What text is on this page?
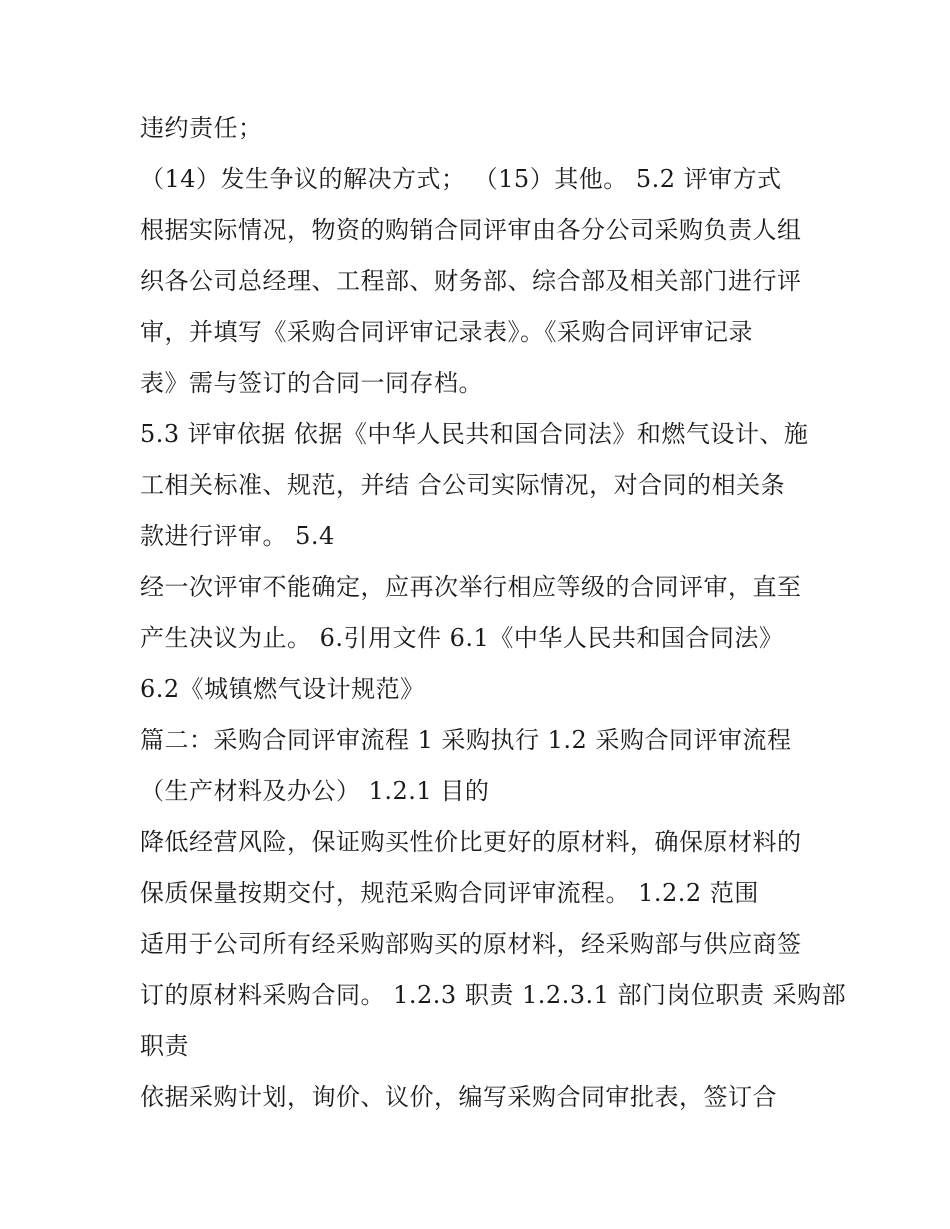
违约责任；
（14）发生争议的解决方式； （15）其他。 5.2 评审方式
根据实际情况，物资的购销合同评审由各分公司采购负责人组
织各公司总经理、工程部、财务部、综合部及相关部门进行评
审，并填写《采购合同评审记录表》。《采购合同评审记录
表》需与签订的合同一同存档。
5.3 评审依据 依据《中华人民共和国合同法》和燃气设计、施
工相关标准、规范，并结 合公司实际情况，对合同的相关条
款进行评审。 5.4
经一次评审不能确定，应再次举行相应等级的合同评审，直至
产生决议为止。 6.引用文件 6.1《中华人民共和国合同法》
6.2《城镇燃气设计规范》
篇二：采购合同评审流程 1 采购执行 1.2 采购合同评审流程
（生产材料及办公） 1.2.1 目的
降低经营风险，保证购买性价比更好的原材料，确保原材料的
保质保量按期交付，规范采购合同评审流程。 1.2.2 范围
适用于公司所有经采购部购买的原材料，经采购部与供应商签
订的原材料采购合同。 1.2.3 职责 1.2.3.1 部门岗位职责 采购部
职责
依据采购计划，询价、议价，编写采购合同审批表，签订合
